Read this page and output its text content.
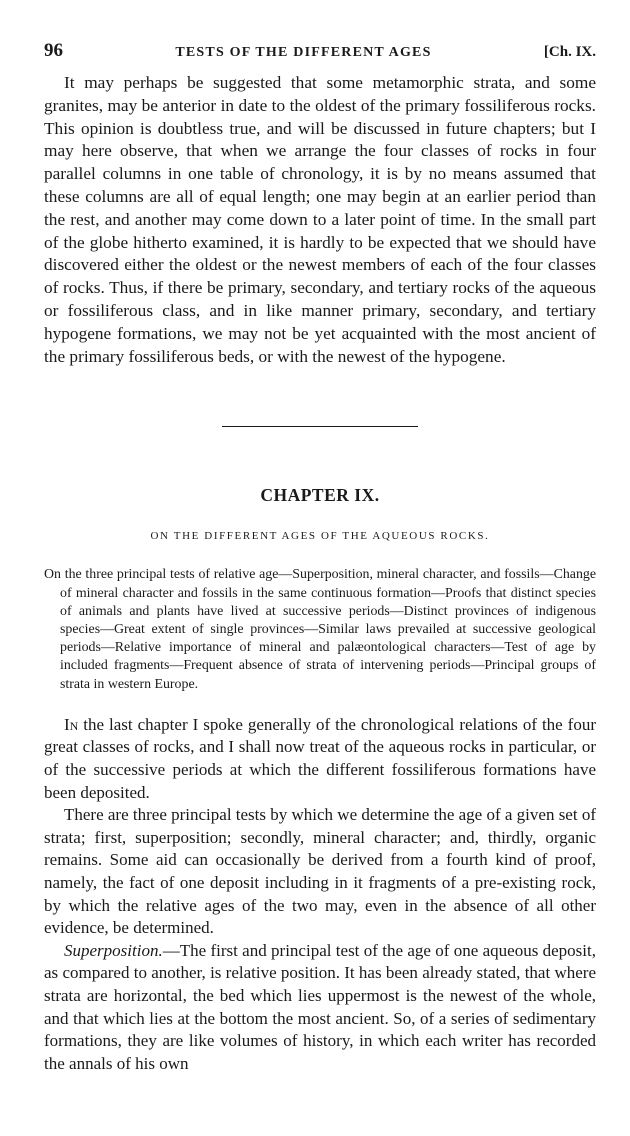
96	TESTS OF THE DIFFERENT AGES	[Ch. IX.

It may perhaps be suggested that some metamorphic strata, and some granites, may be anterior in date to the oldest of the primary fossiliferous rocks. This opinion is doubtless true, and will be discussed in future chapters; but I may here observe, that when we arrange the four classes of rocks in four parallel columns in one table of chronology, it is by no means assumed that these columns are all of equal length; one may begin at an earlier period than the rest, and another may come down to a later point of time. In the small part of the globe hitherto examined, it is hardly to be expected that we should have discovered either the oldest or the newest members of each of the four classes of rocks. Thus, if there be primary, secondary, and tertiary rocks of the aqueous or fossiliferous class, and in like manner primary, secondary, and tertiary hypogene formations, we may not be yet acquainted with the most ancient of the primary fossiliferous beds, or with the newest of the hypogene.

CHAPTER IX.
ON THE DIFFERENT AGES OF THE AQUEOUS ROCKS.

On the three principal tests of relative age—Superposition, mineral character, and fossils—Change of mineral character and fossils in the same continuous formation—Proofs that distinct species of animals and plants have lived at successive periods—Distinct provinces of indigenous species—Great extent of single provinces—Similar laws prevailed at successive geological periods—Relative importance of mineral and palæontological characters—Test of age by included fragments—Frequent absence of strata of intervening periods—Principal groups of strata in western Europe.

In the last chapter I spoke generally of the chronological relations of the four great classes of rocks, and I shall now treat of the aqueous rocks in particular, or of the successive periods at which the different fossiliferous formations have been deposited.

There are three principal tests by which we determine the age of a given set of strata; first, superposition; secondly, mineral character; and, thirdly, organic remains. Some aid can occasionally be derived from a fourth kind of proof, namely, the fact of one deposit including in it fragments of a pre-existing rock, by which the relative ages of the two may, even in the absence of all other evidence, be determined.

Superposition.—The first and principal test of the age of one aqueous deposit, as compared to another, is relative position. It has been already stated, that where strata are horizontal, the bed which lies uppermost is the newest of the whole, and that which lies at the bottom the most ancient. So, of a series of sedimentary formations, they are like volumes of history, in which each writer has recorded the annals of his own
